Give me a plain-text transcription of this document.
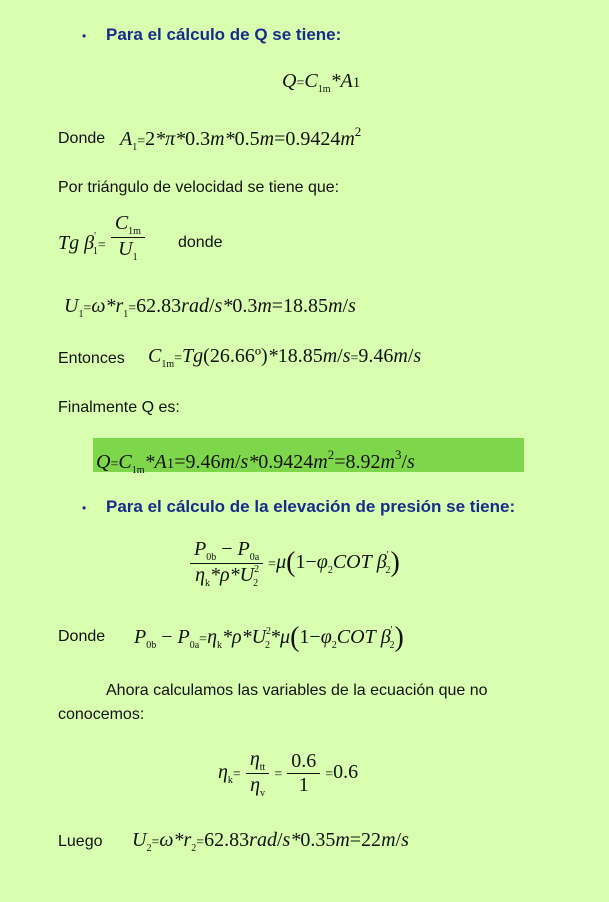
• Para el cálculo de Q se tiene:
$Q=C_{1m}*A1$
Donde $A_1=2*\pi*0.3m*0.5m=0.9424m^2$
Por triángulo de velocidad se tiene que:
Tg $\beta'_1= \frac{C_{1m}}{U_1}$ donde
$U_1=\omega*r_1=62.83rad/s*0.3m=18.85m/s$
Entonces $C_{1m}=Tg(26.66º)*18.85m/s=9.46m/s$
Finalmente Q es:
$Q=C_{1m}*A1=9.46m/s*0.9424m^2=8.92m^3/s$
• Para el cálculo de la elevación de presión se tiene:
$\frac{P_{0b} - P_{0a}}{\eta_k*\rho*U^2_2} =\mu(1-\varphi_2COT$ $\beta'_2$)
Donde $P_{0b} - P_{0a}=\eta_k*\rho*U^2_2*\mu(1-\varphi_2COT$ $\beta'_2$)
Ahora calculamos las variables de la ecuación que no
conocemos:
$\eta_k= \frac{\eta_{tt}}{\eta_v} = \frac{0.6}{1} =0.6$
Luego $U_2=\omega*r_2=62.83rad/s*0.35m=22m/s$
